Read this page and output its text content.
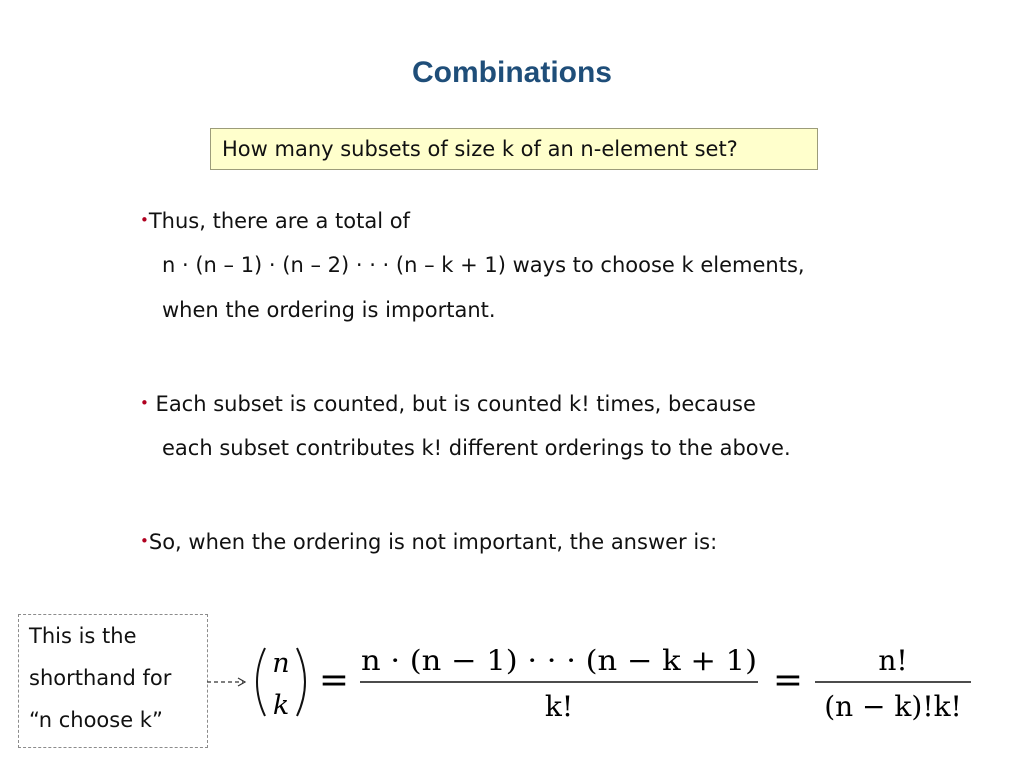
Combinations
How many subsets of size k of an n-element set?
•Thus, there are a total of
n · (n – 1) · (n – 2) · · · (n – k + 1) ways to choose k elements,
when the ordering is important.
• Each subset is counted, but is counted k! times, because
each subset contributes k! different orderings to the above.
•So, when the ordering is not important, the answer is:
This is the
shorthand for
“n choose k”
n
k
= n · (n − 1) · · · (n − k + 1)
k!
=	n!
(n − k)!k!
